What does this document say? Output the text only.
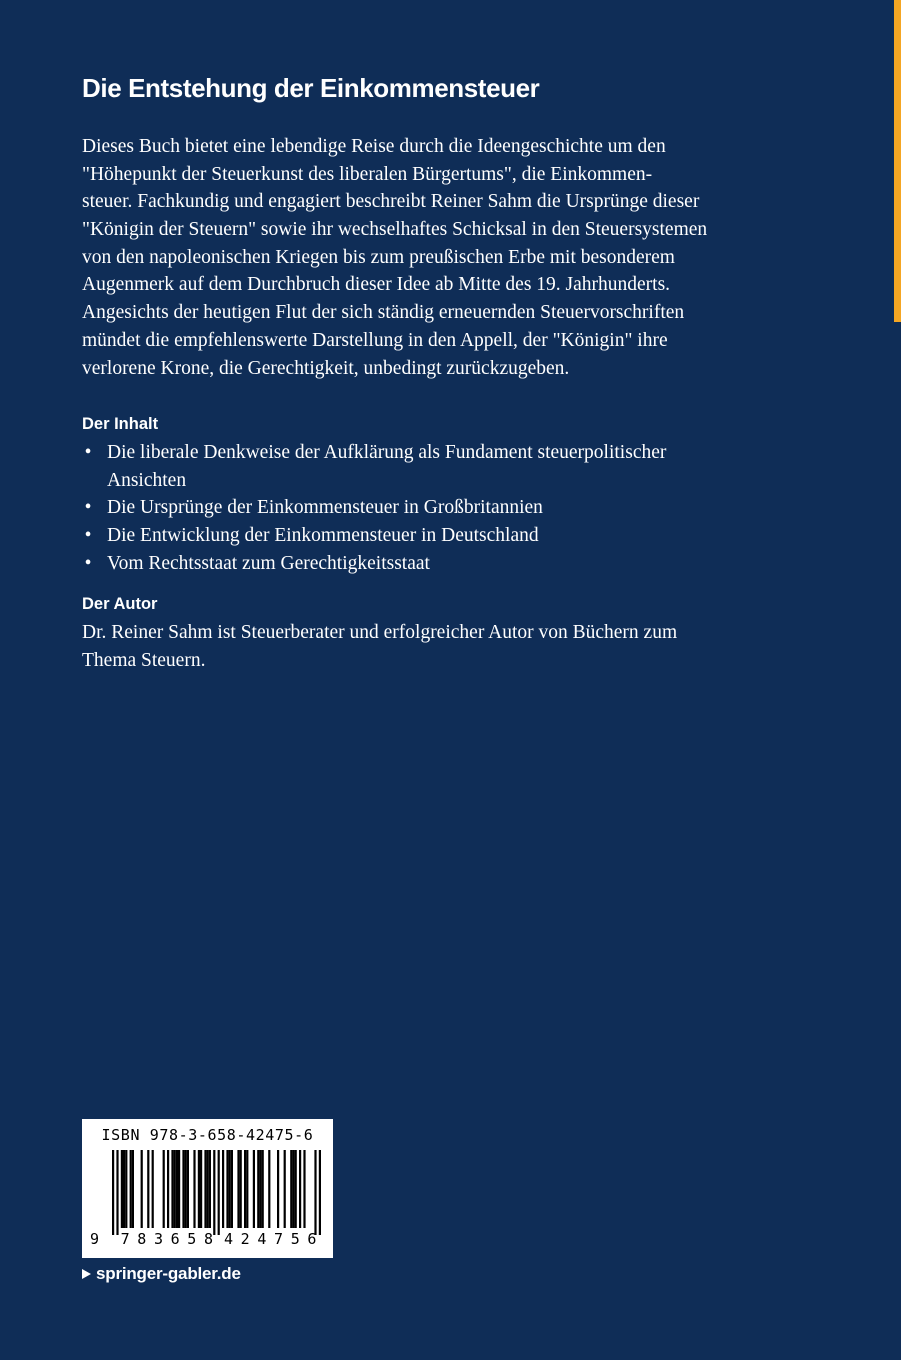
Die Entstehung der Einkommensteuer

Dieses Buch bietet eine lebendige Reise durch die Ideengeschichte um den
"Höhepunkt der Steuerkunst des liberalen Bürgertums", die Einkommen-
steuer. Fachkundig und engagiert beschreibt Reiner Sahm die Ursprünge dieser
"Königin der Steuern" sowie ihr wechselhaftes Schicksal in den Steuersystemen
von den napoleonischen Kriegen bis zum preußischen Erbe mit besonderem
Augenmerk auf dem Durchbruch dieser Idee ab Mitte des 19. Jahrhunderts.
Angesichts der heutigen Flut der sich ständig erneuernden Steuervorschriften
mündet die empfehlenswerte Darstellung in den Appell, der "Königin" ihre
verlorene Krone, die Gerechtigkeit, unbedingt zurückzugeben.

Der Inhalt
• Die liberale Denkweise der Aufklärung als Fundament steuerpolitischer
Ansichten
• Die Ursprünge der Einkommensteuer in Großbritannien
• Die Entwicklung der Einkommensteuer in Deutschland
• Vom Rechtsstaat zum Gerechtigkeitsstaat
Der Autor

Dr. Reiner Sahm ist Steuerberater und erfolgreicher Autor von Büchern zum
Thema Steuern.

ISBN 978-3-658-42475-6
9 783658 424756
springer-gabler.de
